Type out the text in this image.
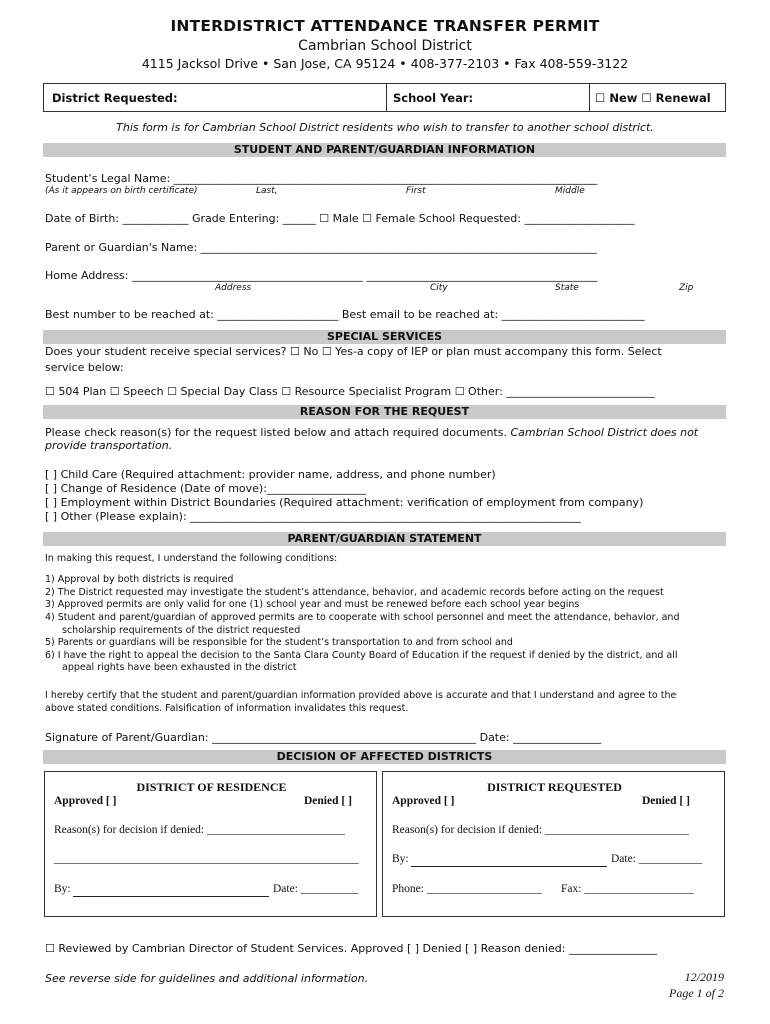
INTERDISTRICT ATTENDANCE TRANSFER PERMIT
Cambrian School District
4115 Jacksol Drive • San Jose, CA 95124 • 408-377-2103 • Fax 408-559-3122
District Requested:	School Year:	☐ New ☐ Renewal
This form is for Cambrian School District residents who wish to transfer to another school district.
STUDENT AND PARENT/GUARDIAN INFORMATION
Student’s Legal Name: _____________________________________________________________________________
(As it appears on birth certificate)	Last,	First	Middle
Date of Birth: ____________ Grade Entering: ______ ☐ Male ☐ Female School Requested: ____________________
Parent or Guardian's Name: ________________________________________________________________________
Home Address: __________________________________________ __________________________________________
Address	City	State	Zip
Best number to be reached at: ______________________ Best email to be reached at: __________________________
SPECIAL SERVICES
Does your student receive special services? ☐ No ☐ Yes-a copy of IEP or plan must accompany this form. Select
service below:
☐ 504 Plan ☐ Speech ☐ Special Day Class ☐ Resource Specialist Program ☐ Other: ___________________________
REASON FOR THE REQUEST
Please check reason(s) for the request listed below and attach required documents. Cambrian School District does not
provide transportation.
[ ] Child Care (Required attachment: provider name, address, and phone number)
[ ] Change of Residence (Date of move):__________________
[ ] Employment within District Boundaries (Required attachment: verification of employment from company)
[ ] Other (Please explain): _______________________________________________________________________
PARENT/GUARDIAN STATEMENT
In making this request, I understand the following conditions:
1) Approval by both districts is required
2) The District requested may investigate the student’s attendance, behavior, and academic records before acting on the request
3) Approved permits are only valid for one (1) school year and must be renewed before each school year begins
4) Student and parent/guardian of approved permits are to cooperate with school personnel and meet the attendance, behavior, and
scholarship requirements of the district requested
5) Parents or guardians will be responsible for the student’s transportation to and from school and
6) I have the right to appeal the decision to the Santa Clara County Board of Education if the request if denied by the district, and all
appeal rights have been exhausted in the district
I hereby certify that the student and parent/guardian information provided above is accurate and that I understand and agree to the
above stated conditions. Falsification of information invalidates this request.
Signature of Parent/Guardian: ________________________________________________ Date: ________________
DECISION OF AFFECTED DISTRICTS
DISTRICT OF RESIDENCE
Approved [ ]	Denied [ ]
Reason(s) for decision if denied: ________________________
_____________________________________________________
By:	Date: __________
DISTRICT REQUESTED
Approved [ ]	Denied [ ]
Reason(s) for decision if denied: _________________________
By:	Date: ___________
Phone: ____________________ Fax: ___________________
☐ Reviewed by Cambrian Director of Student Services. Approved [ ] Denied [ ] Reason denied: ________________
See reverse side for guidelines and additional information.	12/2019
Page 1 of 2
